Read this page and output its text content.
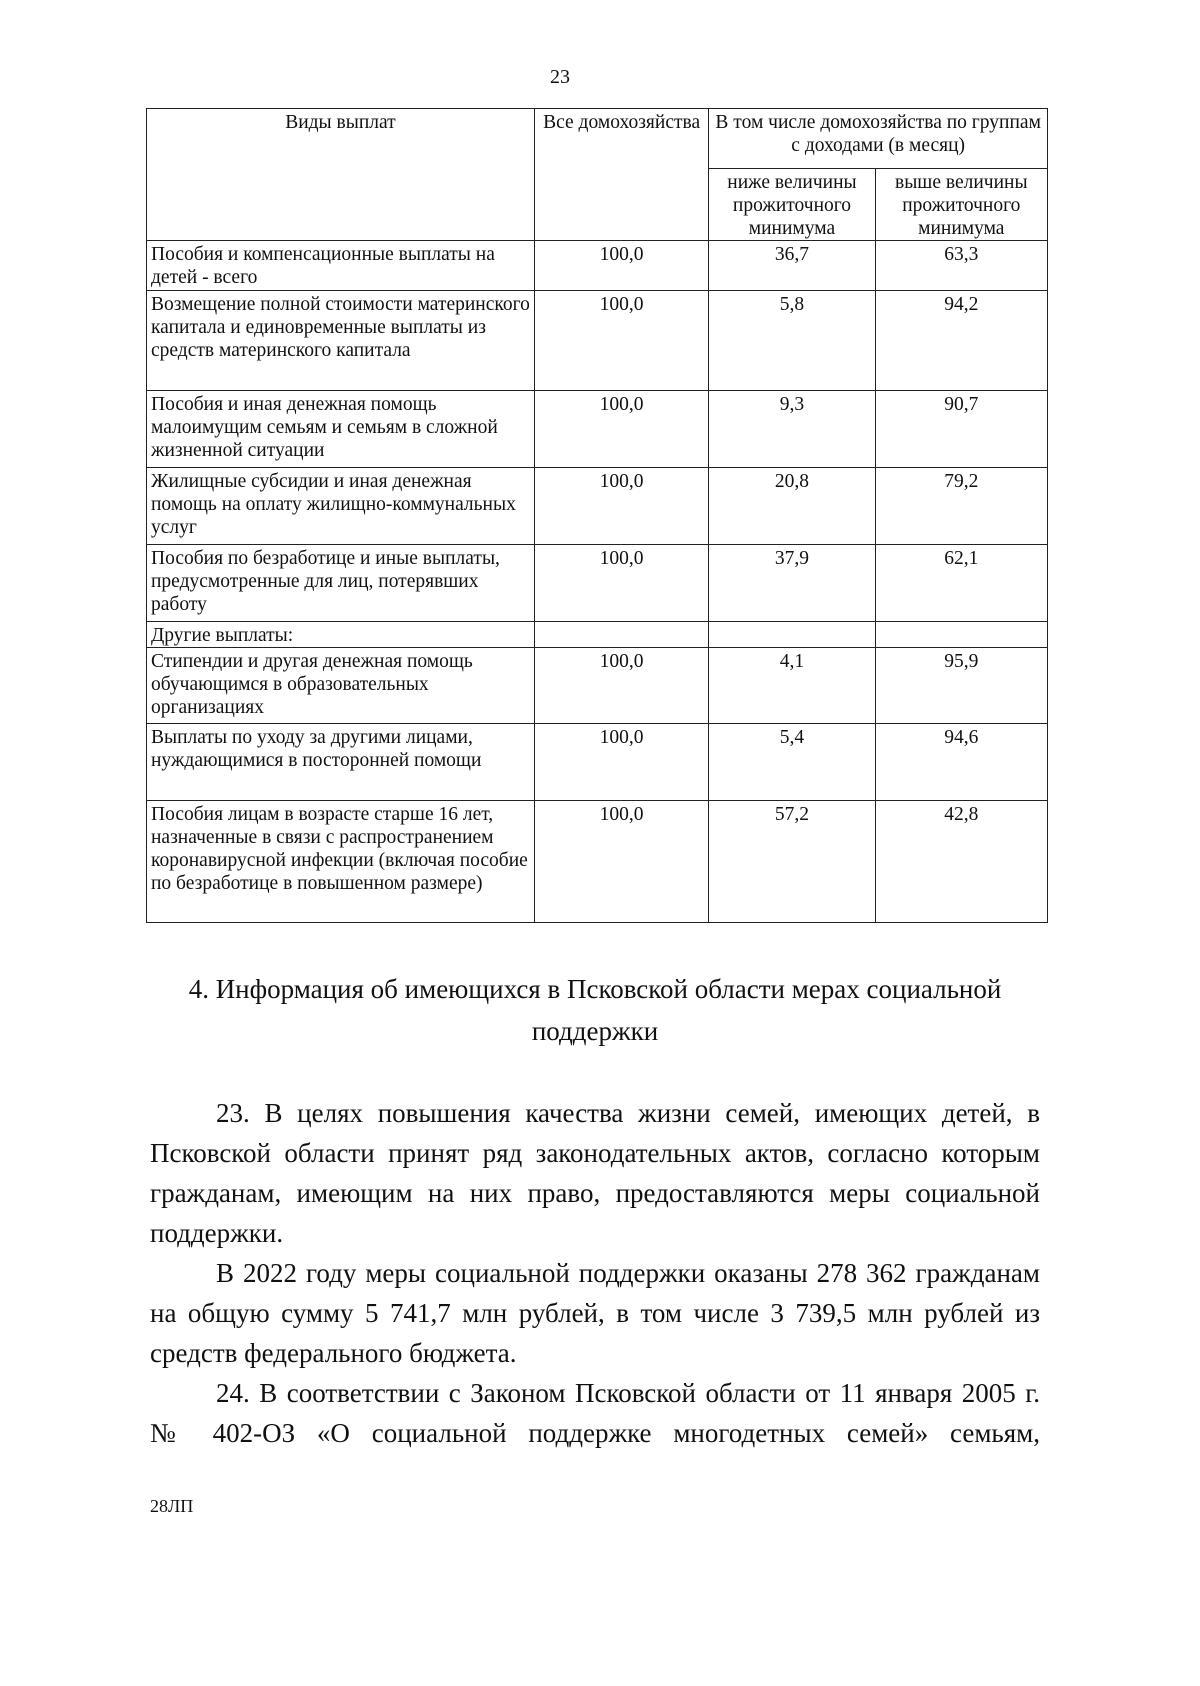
23
Виды выплат	Все домохозяйства	В том числе домохозяйства по группам с доходами (в месяц)	
		ниже величины прожиточного минимума	выше величины прожиточного минимума
Пособия и компенсационные выплаты на детей - всего	100,0	36,7	63,3
Возмещение полной стоимости материнского капитала и единовременные выплаты из средств материнского капитала	100,0	5,8	94,2
Пособия и иная денежная помощь малоимущим семьям и семьям в сложной жизненной ситуации	100,0	9,3	90,7
Жилищные субсидии и иная денежная помощь на оплату жилищно-коммунальных услуг	100,0	20,8	79,2
Пособия по безработице и иные выплаты, предусмотренные для лиц, потерявших работу	100,0	37,9	62,1
Другие выплаты:			
Стипендии и другая денежная помощь обучающимся в образовательных организациях	100,0	4,1	95,9
Выплаты по уходу за другими лицами, нуждающимися в посторонней помощи	100,0	5,4	94,6
Пособия лицам в возрасте старше 16 лет, назначенные в связи с распространением коронавирусной инфекции (включая пособие по безработице в повышенном размере)	100,0	57,2	42,8
4. Информация об имеющихся в Псковской области мерах социальной поддержки

23. В целях повышения качества жизни семей, имеющих детей, в Псковской области принят ряд законодательных актов, согласно которым гражданам, имеющим на них право, предоставляются меры социальной поддержки.

В 2022 году меры социальной поддержки оказаны 278 362 гражданам на общую сумму 5 741,7 млн рублей, в том числе 3 739,5 млн рублей из средств федерального бюджета.

24. В соответствии с Законом Псковской области от 11 января 2005 г. № 402-ОЗ «О социальной поддержке многодетных семей» семьям,

28ЛП
